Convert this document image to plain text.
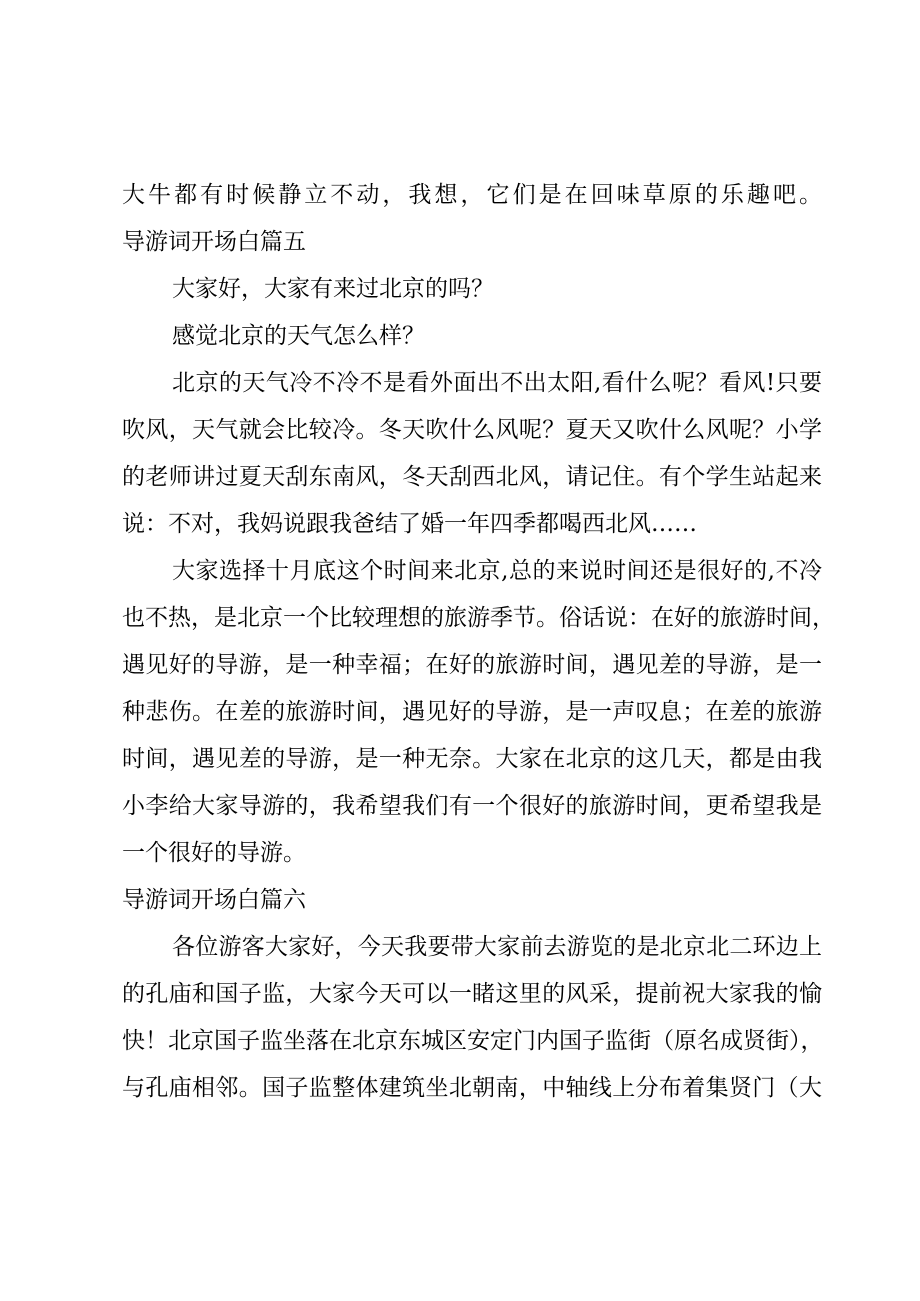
大牛都有时候静立不动，我想，它们是在回味草原的乐趣吧。
导游词开场白篇五
大家好，大家有来过北京的吗？
感觉北京的天气怎么样？
北京的天气冷不冷不是看外面出不出太阳,看什么呢？看风!只要
吹风，天气就会比较冷。冬天吹什么风呢？夏天又吹什么风呢？小学
的老师讲过夏天刮东南风，冬天刮西北风，请记住。有个学生站起来
说：不对，我妈说跟我爸结了婚一年四季都喝西北风……
大家选择十月底这个时间来北京,总的来说时间还是很好的,不冷
也不热，是北京一个比较理想的旅游季节。俗话说：在好的旅游时间，
遇见好的导游，是一种幸福；在好的旅游时间，遇见差的导游，是一
种悲伤。在差的旅游时间，遇见好的导游，是一声叹息；在差的旅游
时间，遇见差的导游，是一种无奈。大家在北京的这几天，都是由我
小李给大家导游的，我希望我们有一个很好的旅游时间，更希望我是
一个很好的导游。
导游词开场白篇六
各位游客大家好，今天我要带大家前去游览的是北京北二环边上
的孔庙和国子监，大家今天可以一睹这里的风采，提前祝大家我的愉
快！北京国子监坐落在北京东城区安定门内国子监街（原名成贤街），
与孔庙相邻。国子监整体建筑坐北朝南，中轴线上分布着集贤门（大
